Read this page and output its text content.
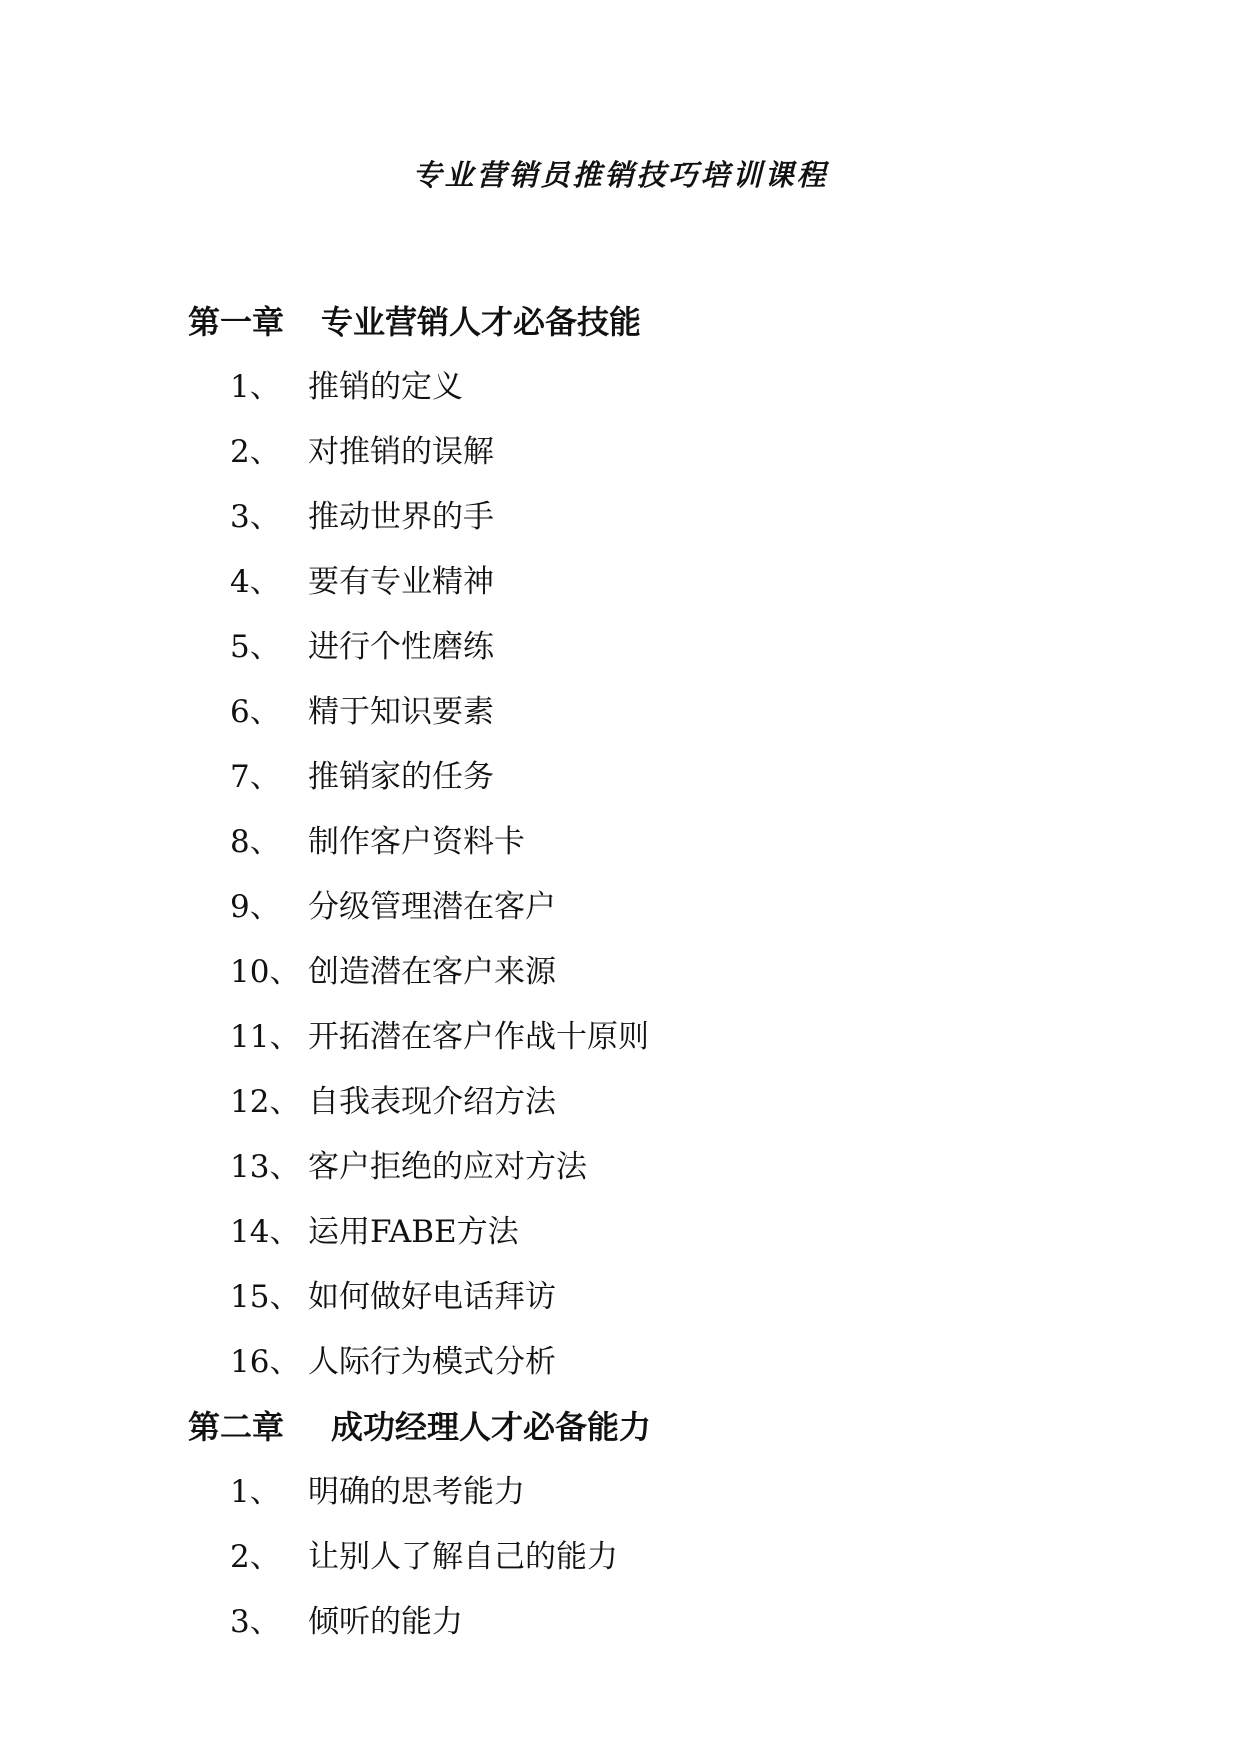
专业营销员推销技巧培训课程
第一章	专业营销人才必备技能
1、 推销的定义
2、 对推销的误解
3、 推动世界的手
4、 要有专业精神
5、 进行个性磨练
6、 精于知识要素
7、 推销家的任务
8、 制作客户资料卡
9、 分级管理潜在客户
10、 创造潜在客户来源
11、 开拓潜在客户作战十原则
12、 自我表现介绍方法
13、 客户拒绝的应对方法
14、 运用FABE方法
15、 如何做好电话拜访
16、 人际行为模式分析
第二章	成功经理人才必备能力
1、 明确的思考能力
2、 让别人了解自己的能力
3、 倾听的能力
